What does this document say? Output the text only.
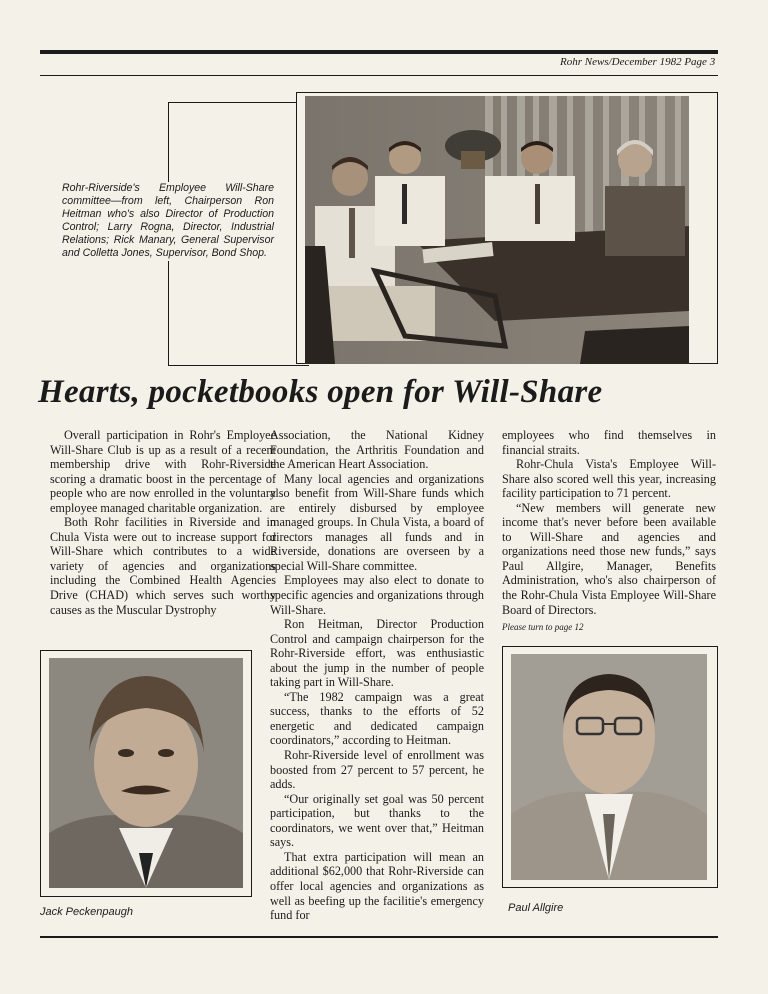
Rohr News/December 1982 Page 3
Rohr-Riverside's Employee Will-Share committee—from left, Chairperson Ron Heitman who's also Director of Production Control; Larry Rogna, Director, Industrial Relations; Rick Manary, General Supervisor and Colletta Jones, Supervisor, Bond Shop.
Hearts, pocketbooks open for Will-Share

Overall participation in Rohr's Employee Will-Share Club is up as a result of a recent membership drive with Rohr-Riverside scoring a dramatic boost in the percentage of people who are now enrolled in the voluntary employee managed charitable organization.

Both Rohr facilities in Riverside and in Chula Vista were out to increase support for Will-Share which contributes to a wide variety of agencies and organizations including the Combined Health Agencies Drive (CHAD) which serves such worthy causes as the Muscular Dystrophy

Association, the National Kidney Foundation, the Arthritis Foundation and the American Heart Association.

Many local agencies and organizations also benefit from Will-Share funds which are entirely disbursed by employee managed groups. In Chula Vista, a board of directors manages all funds and in Riverside, donations are overseen by a special Will-Share committee.

Employees may also elect to donate to specific agencies and organizations through Will-Share.

Ron Heitman, Director Production Control and campaign chairperson for the Rohr-Riverside effort, was enthusiastic about the jump in the number of people taking part in Will-Share.

“The 1982 campaign was a great success, thanks to the efforts of 52 energetic and dedicated campaign coordinators,” according to Heitman.

Rohr-Riverside level of enrollment was boosted from 27 percent to 57 percent, he adds.

“Our originally set goal was 50 percent participation, but thanks to the coordinators, we went over that,” Heitman says.

That extra participation will mean an additional $62,000 that Rohr-Riverside can offer local agencies and organizations as well as beefing up the facilitie's emergency fund for

employees who find themselves in financial straits.

Rohr-Chula Vista's Employee Will-Share also scored well this year, increasing facility participation to 71 percent.

“New members will generate new income that's never before been available to Will-Share and agencies and organizations need those new funds,” says Paul Allgire, Manager, Benefits Administration, who's also chairperson of the Rohr-Chula Vista Employee Will-Share Board of Directors.

Please turn to page 12

Jack Peckenpaugh	Paul Allgire
